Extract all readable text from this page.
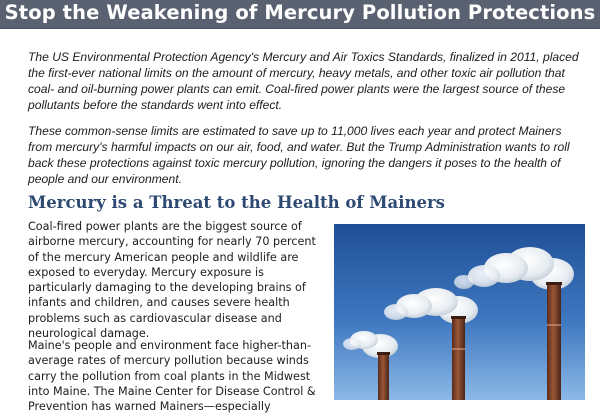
Stop the Weakening of Mercury Pollution Protections

The US Environmental Protection Agency's Mercury and Air Toxics Standards, finalized in 2011, placed the first-ever national limits on the amount of mercury, heavy metals, and other toxic air pollution that coal- and oil-burning power plants can emit. Coal-fired power plants were the largest source of these pollutants before the standards went into effect.

These common-sense limits are estimated to save up to 11,000 lives each year and protect Mainers from mercury's harmful impacts on our air, food, and water. But the Trump Administration wants to roll back these protections against toxic mercury pollution, ignoring the dangers it poses to the health of people and our environment.

Mercury is a Threat to the Health of Mainers

Coal-fired power plants are the biggest source of airborne mercury, accounting for nearly 70 percent of the mercury American people and wildlife are exposed to everyday. Mercury exposure is particularly damaging to the developing brains of infants and children, and causes severe health problems such as cardiovascular disease and neurological damage.

Maine's people and environment face higher-than-average rates of mercury pollution because winds carry the pollution from coal plants in the Midwest into Maine. The Maine Center for Disease Control & Prevention has warned Mainers—especially
